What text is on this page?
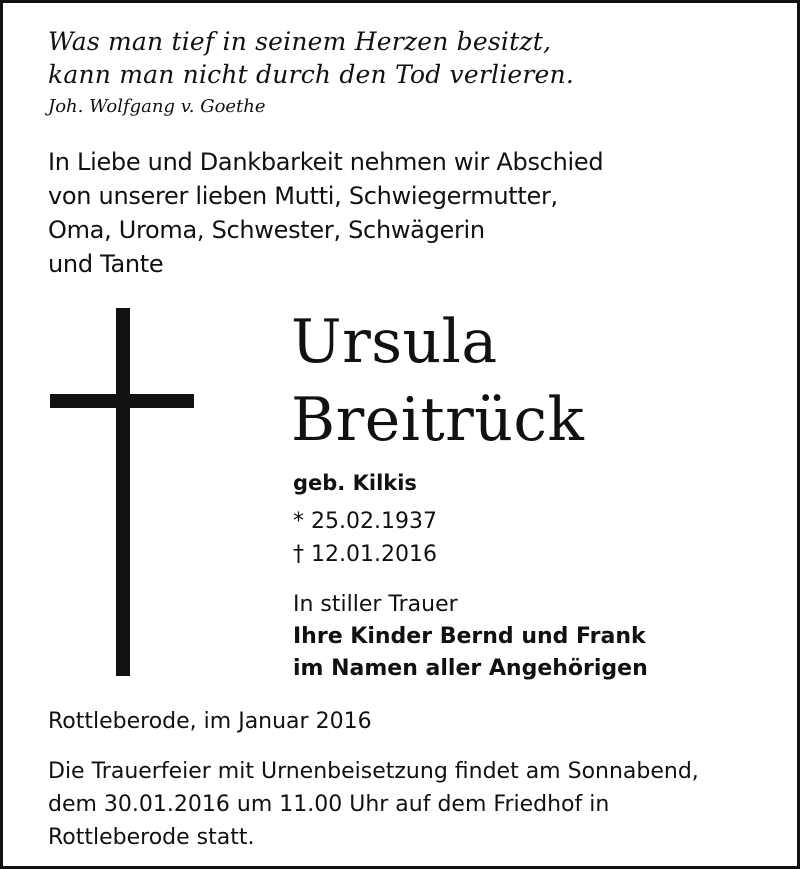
Was man tief in seinem Herzen besitzt,
kann man nicht durch den Tod verlieren.
Joh. Wolfgang v. Goethe
In Liebe und Dankbarkeit nehmen wir Abschied
von unserer lieben Mutti, Schwiegermutter,
Oma, Uroma, Schwester, Schwägerin
und Tante
Ursula
Breitrück
geb. Kilkis
* 25.02.1937
† 12.01.2016
In stiller Trauer
Ihre Kinder Bernd und Frank
im Namen aller Angehörigen
Rottleberode, im Januar 2016
Die Trauerfeier mit Urnenbeisetzung findet am Sonnabend,
dem 30.01.2016 um 11.00 Uhr auf dem Friedhof in
Rottleberode statt.
